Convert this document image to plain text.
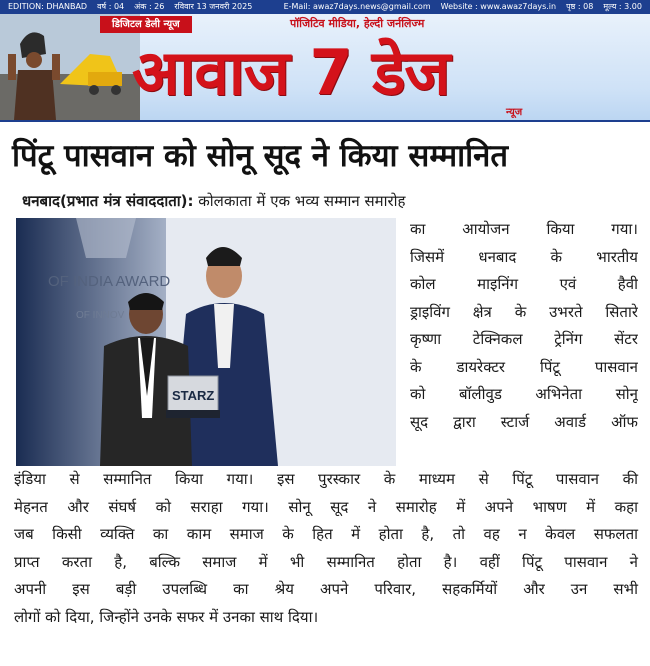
EDITION: DHANBAD वर्ष : 04 अंक : 26 रविवार 13 जनवरी 2025	E-Mail: awaz7days.news@gmail.com Website : www.awaz7days.in पृष्ठ : 08 मूल्य : 3.00
डिजिटल डेली न्यूज	पॉजिटिव मीडिया, हेल्दी जर्नलिज्म
आवाज 7 डेज
न्यूज
पिंटू पासवान को सोनू सूद ने किया सम्मानित
धनबाद(प्रभात मंत्र संवाददाता): कोलकाता में एक भव्य सम्मान समारोह
OF INDIA AWARD
OF INNOV
STARZ
का आयोजन किया गया।
जिसमें धनबाद के भारतीय
कोल माइनिंग एवं हैवी
ड्राइविंग क्षेत्र के उभरते सितारे
कृष्णा टेक्निकल ट्रेनिंग सेंटर
के डायरेक्टर पिंटू पासवान
को बॉलीवुड अभिनेता सोनू
सूद द्वारा स्टार्ज अवार्ड ऑफ
इंडिया से सम्मानित किया गया। इस पुरस्कार के माध्यम से पिंटू पासवान की
मेहनत और संघर्ष को सराहा गया। सोनू सूद ने समारोह में अपने भाषण में कहा
जब किसी व्यक्ति का काम समाज के हित में होता है, तो वह न केवल सफलता
प्राप्त करता है, बल्कि समाज में भी सम्मानित होता है। वहीं पिंटू पासवान ने
अपनी इस बड़ी उपलब्धि का श्रेय अपने परिवार, सहकर्मियों और उन सभी
लोगों को दिया, जिन्होंने उनके सफर में उनका साथ दिया।
